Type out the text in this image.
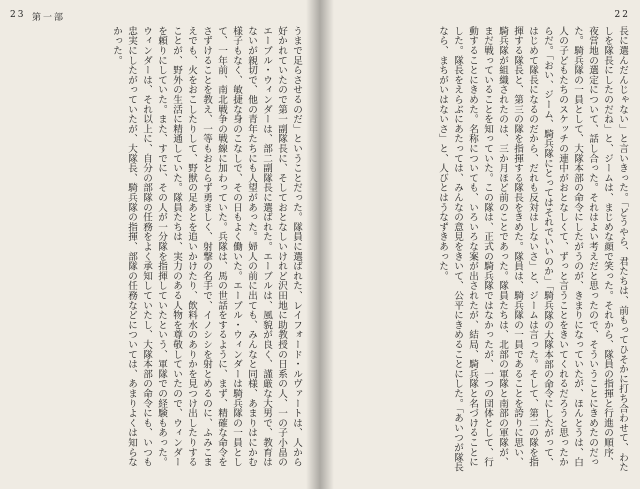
23 第一部

うまで足らさせるのだ」ということだった。隊員に選ばれた、レイフォード・ルヴァートは、人から好かれていたので第一副隊長に、そしておとなしいけれど沢田地に助教授の日系の人、一の子小畠のエーブル・ウィンダーは、部二副隊長に選ばれた。エーブルは、風貌が良く、謹厳な大男で、教育はないが親切で、他の青年たちにも人望があった。婦人の前に出ても、みんなと同様、あまりはにかむ様子もなく、敏捷な身のこなしで、その日もよく働いた。エーブル・ウィンダーは騎兵隊の一員として、一年前、南北戦争の戦線に加わっていた。兵隊は、馬の世話をするように、まず、精確な命令をさずけることを教え、一等もおとらず勇ましく、射撃の名手で、イノシシを射とめるのに、ふみこまえでも、火をおこしたりして、野獣の足あとを追いかけたり、飲料水のありかを見つけ出したりすることが、野外の生活に精通していた。隊員たちは、実力のある人物を尊敬していたので、ウィンダーを頼りにしていた。また、すでに、その人が一分隊を指揮していたという、軍隊での経験もあった。ウィンダーは、それ以上に、自分の部隊の任務をよく承知していたし、大隊本部の命令にも、いつも忠実にしたがっていたが、大隊長、騎兵隊の指揮、部隊の任務などについては、あまりよくは知らなかった。

22

長に選んだんじゃない」と言いきった。「どうやら、君たちは、前もってひそかに打ち合わせて、わたしを隊長にしたのだね」と、ジームは、まじめな顔で笑った。それから、隊員の指揮と行進の順序、夜営地の選定について、話し合った。それはよい考えだと思ったので、そういうことにきめたのだった。騎兵隊の一員として、大隊本部の命令にしたがうのが、きまりになっていたが、ほんとうは、白人の子どもたちのスケッチの連中がおとなしくて、ずっと言うことをきいてくれるだろうと思ったからだ。「おい、ジーム、騎兵隊にとってはそれでいいのか」「騎兵隊の大隊本部の命令にしたがって、はじめて隊長になるのだから、だれも反対はしないさ」と、ジームは言った。そして、第二の隊を指揮する隊長と、第三の隊を指揮する隊長をきめた。隊員は、騎兵隊の一員であることを誇りに思い、騎兵隊が組織されたのは、三か月ほど前のことであった。隊員たちは、北部の軍隊と南部の軍隊が、まだ戦っていることを知っていた。この隊は、正式の騎兵隊ではなかったが、一つの団体として、行動することにきめた。名称についても、いろいろな案が出されたが、結局、騎兵隊と名づけることにした。隊長をえらぶにあたっては、みんなの意見をきいて、公平にきめることにした。「あいつが隊長なら、まちがいはないさ」と、人びとはうなずきあった。
